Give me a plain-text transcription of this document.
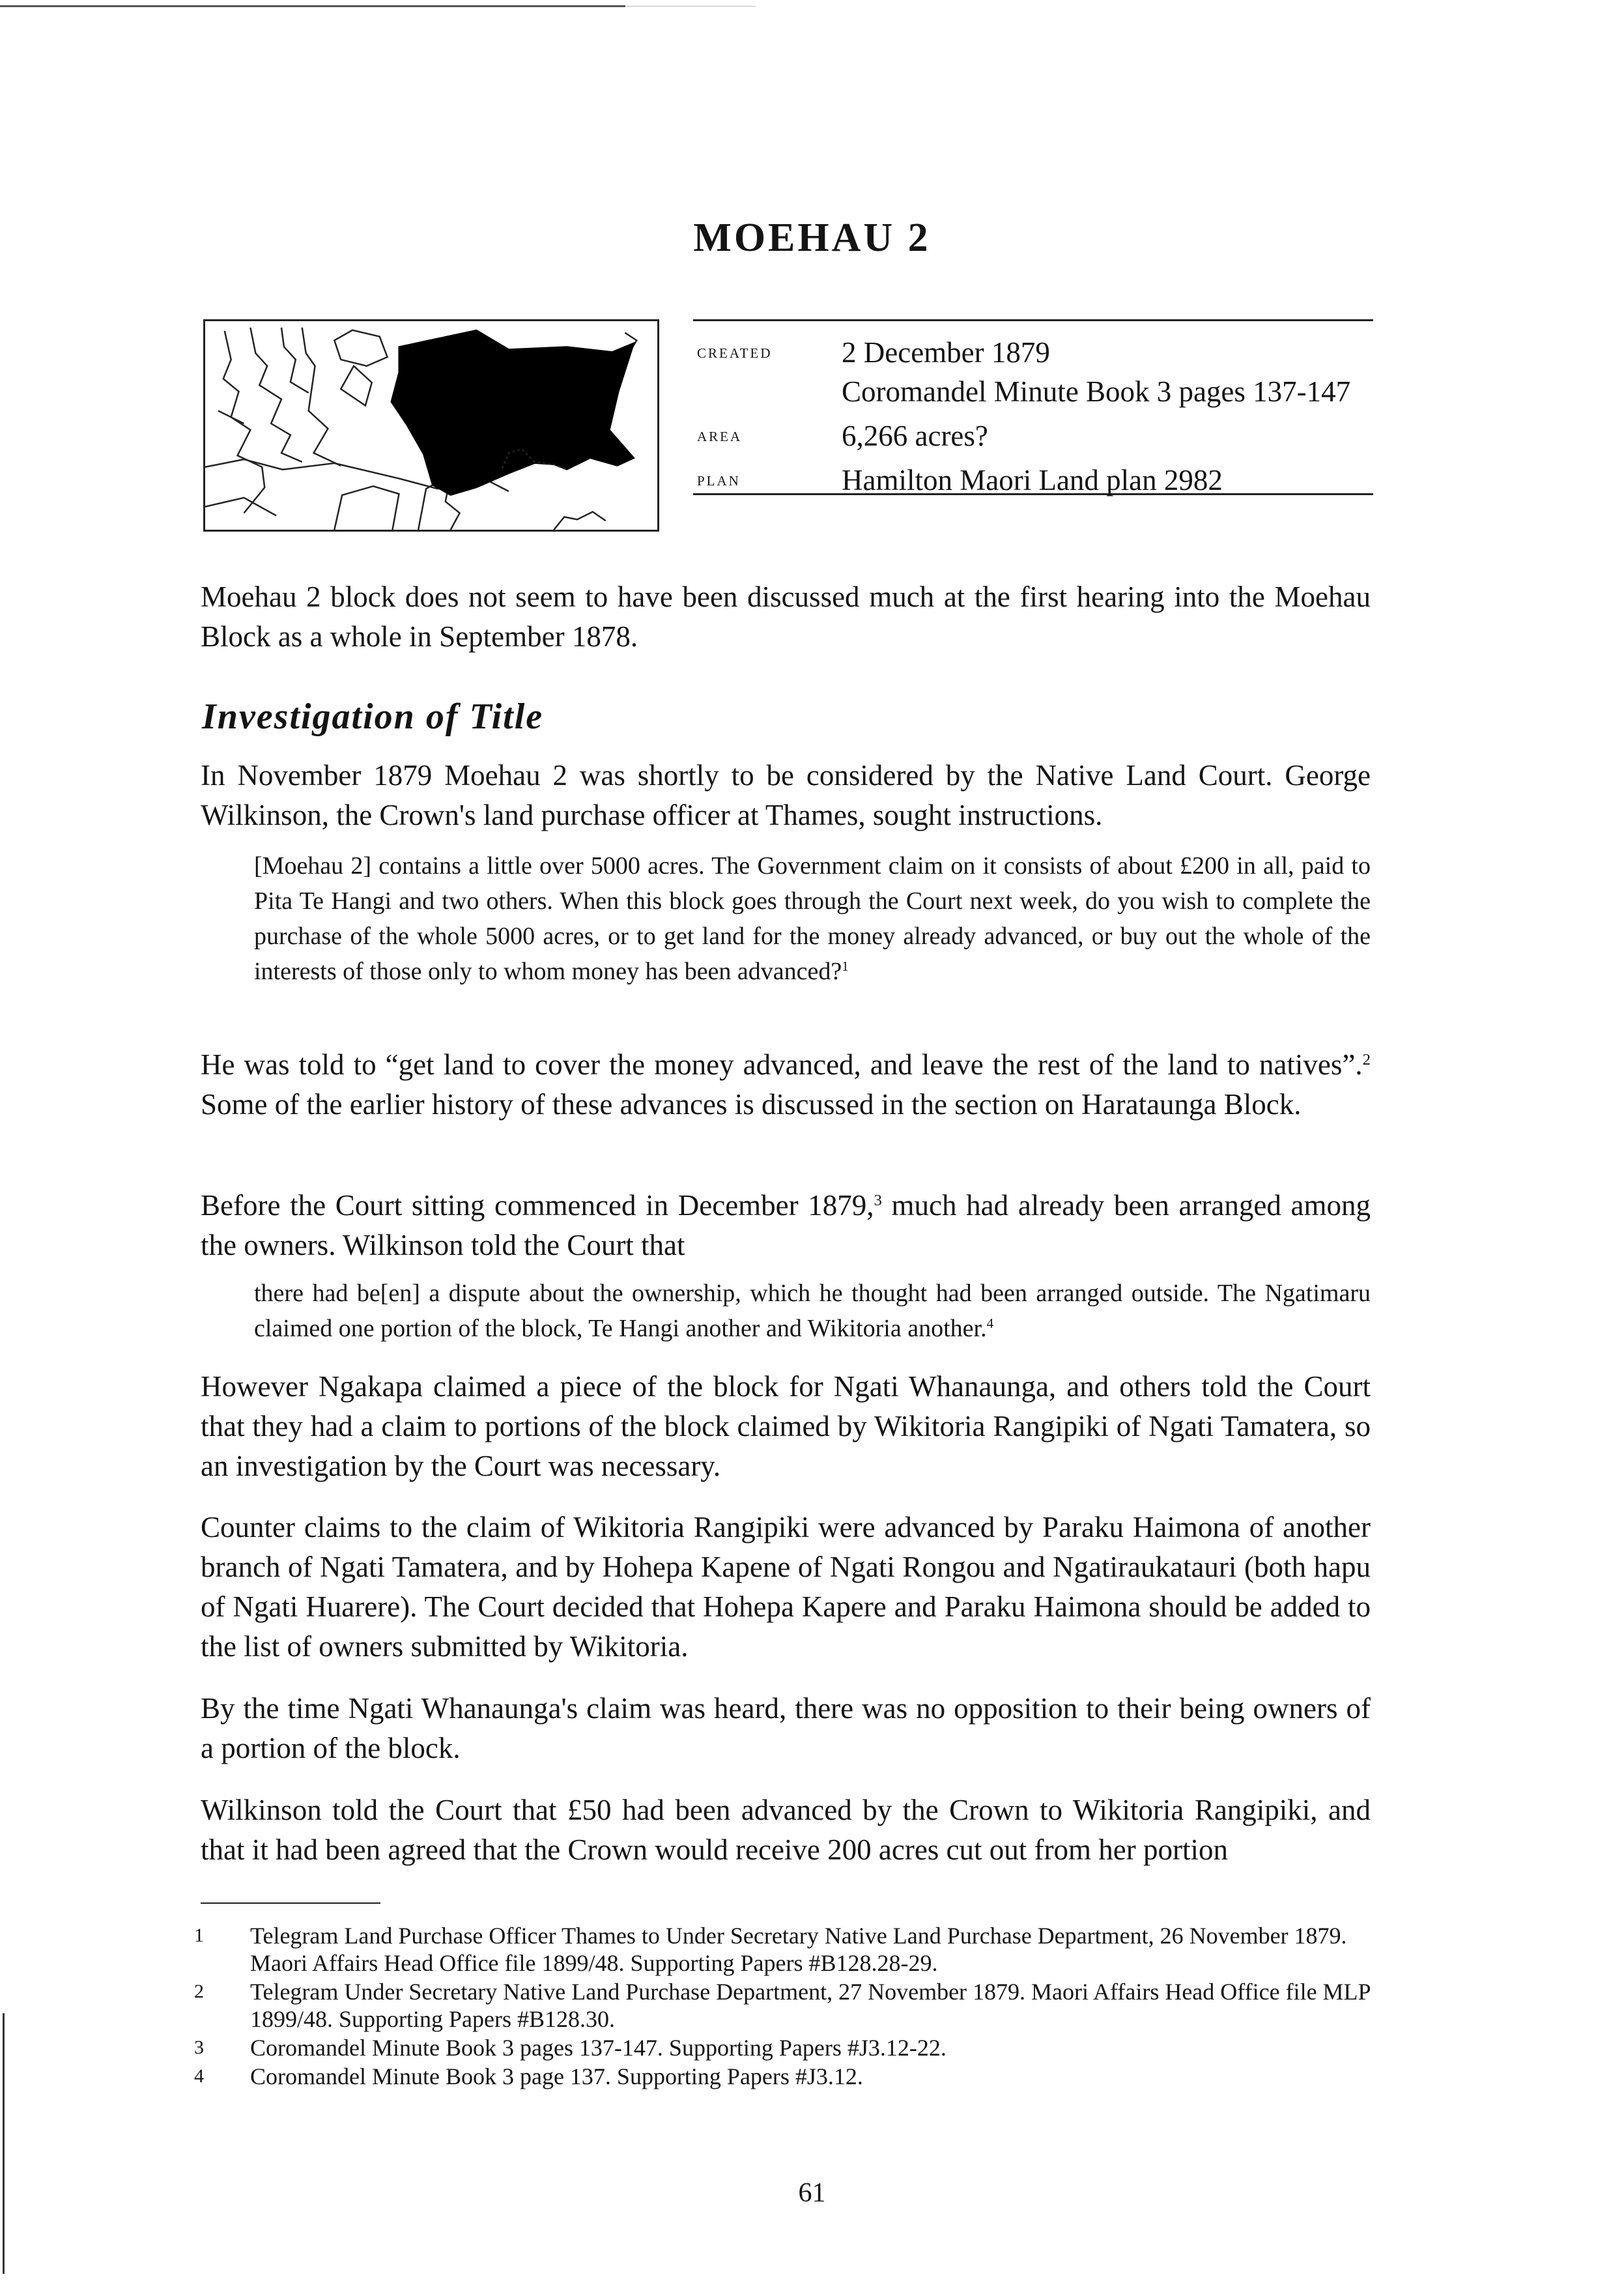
MOEHAU 2
created 2 December 1879
Coromandel Minute Book 3 pages 137-147
area	6,266 acres?
plan	Hamilton Maori Land plan 2982
Moehau 2 block does not seem to have been discussed much at the first hearing into the Moehau Block as a whole in September 1878.
Investigation of Title
In November 1879 Moehau 2 was shortly to be considered by the Native Land Court. George Wilkinson, the Crown's land purchase officer at Thames, sought instructions.
[Moehau 2] contains a little over 5000 acres. The Government claim on it consists of about £200 in all, paid to Pita Te Hangi and two others. When this block goes through the Court next week, do you wish to complete the purchase of the whole 5000 acres, or to get land for the money already advanced, or buy out the whole of the interests of those only to whom money has been advanced?$^1$
He was told to “get land to cover the money advanced, and leave the rest of the land to natives”.$^2$ Some of the earlier history of these advances is discussed in the section on Harataunga Block.
Before the Court sitting commenced in December 1879,$^3$ much had already been arranged among the owners. Wilkinson told the Court that
there had be[en] a dispute about the ownership, which he thought had been arranged outside. The Ngatimaru claimed one portion of the block, Te Hangi another and Wikitoria another.$^4$
However Ngakapa claimed a piece of the block for Ngati Whanaunga, and others told the Court that they had a claim to portions of the block claimed by Wikitoria Rangipiki of Ngati Tamatera, so an investigation by the Court was necessary.
Counter claims to the claim of Wikitoria Rangipiki were advanced by Paraku Haimona of another branch of Ngati Tamatera, and by Hohepa Kapene of Ngati Rongou and Ngatiraukatauri (both hapu of Ngati Huarere). The Court decided that Hohepa Kapere and Paraku Haimona should be added to the list of owners submitted by Wikitoria.
By the time Ngati Whanaunga's claim was heard, there was no opposition to their being owners of a portion of the block.
Wilkinson told the Court that £50 had been advanced by the Crown to Wikitoria Rangipiki, and that it had been agreed that the Crown would receive 200 acres cut out from her portion
1	Telegram Land Purchase Officer Thames to Under Secretary Native Land Purchase Department, 26 November 1879. Maori Affairs Head Office file 1899/48. Supporting Papers #B128.28-29.
2	Telegram Under Secretary Native Land Purchase Department, 27 November 1879. Maori Affairs Head Office file MLP 1899/48. Supporting Papers #B128.30.
3	Coromandel Minute Book 3 pages 137-147. Supporting Papers #J3.12-22.
4	Coromandel Minute Book 3 page 137. Supporting Papers #J3.12.
61
